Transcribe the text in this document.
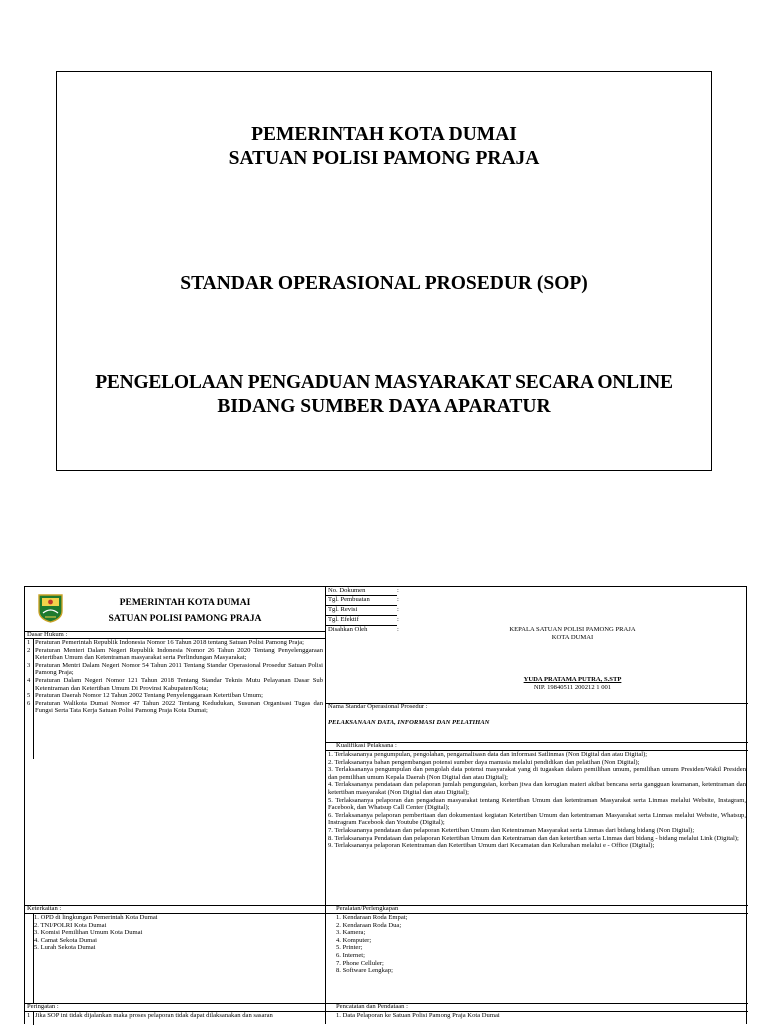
PEMERINTAH KOTA DUMAI
SATUAN POLISI PAMONG PRAJA
STANDAR OPERASIONAL PROSEDUR (SOP)
PENGELOLAAN PENGADUAN MASYARAKAT SECARA ONLINE
BIDANG SUMBER DAYA APARATUR
PEMERINTAH KOTA DUMAI
SATUAN POLISI PAMONG PRAJA
Dasar Hukum :
1 Peraturan Pemerintah Republik Indonesia Nomor 16 Tahun 2018 tentang Satuan Polisi Pamong Praja;
2 Peraturan Menteri Dalam Negeri Republik Indonesia Nomor 26 Tahun 2020 Tentang Penyelenggaraan Ketertiban Umum dan Ketentraman masyarakat serta Perlindungan Masyarakat;
3 Peraturan Mentri Dalam Negeri Nomor 54 Tahun 2011 Tentang Standar Operasional Prosedur Satuan Polisi Pamong Praja;
4 Peraturan Dalam Negeri Nomor 121 Tahun 2018 Tentang Standar Teknis Mutu Pelayanan Dasar Sub Ketentraman dan Ketertiban Umum Di Provinsi Kabupaten/Kota;
5 Peraturan Daerah Nomor 12 Tahun 2002 Tentang Penyelenggaraan Ketertiban Umum;
6 Peraturan Walikota Dumai Nomor 47 Tahun 2022 Tentang Kedudukan, Susunan Organisasi Tugas dan Fungsi Serta Tata Kerja Satuan Polisi Pamong Praja Kota Dumai;
Keterkaitan :
1. OPD di lingkungan Pemerintah Kota Dumai
2. TNI/POLRI Kota Dumai
3. Komisi Pemilihan Umum Kota Dumai
4. Camat Sekota Dumai
5. Lurah Sekota Dumai
Peringatan :
1 Jika SOP ini tidak dijalankan maka proses pelaporan tidak dapat dilaksanakan dan sasaran
No. Dokumen	:
Tgl. Pembuatan	:
Tgl. Revisi	:
Tgl. Efektif	:
Disahkan Oleh	:	KEPALA SATUAN POLISI PAMONG PRAJA
KOTA DUMAI
YUDA PRATAMA PUTRA, S.STP
NIP. 19840511 200212 1 001
Nama Standar Operasional Prosedur :
PELAKSANAAN DATA, INFORMASI DAN PELATIHAN
Kualifikasi Pelaksana :
1. Terlaksananya pengumpulan, pengolahan, pengamalisasn data dan informasi Satlinmas (Non Digital dan atau Digital);
2. Terlaksananya bahan pengembangan potensi sumber daya manusia melalui pendidikan dan pelatihan (Non Digital);
3. Terlaksananya pengumpulan dan pengolah data potensi masyarakat yang di tugaskan dalam pemilihan umum, pemilihan umum Presiden/Wakil Presiden dan pemilihan umum Kepala Daerah (Non Digital dan atau Digital);
4. Terlaksananya pendataan dan pelaporan jumlah pengungsian, korban jiwa dan kerugian materi akibat bencana serta gangguan keamanan, ketentraman dan ketertiban masyarakat (Non Digital dan atau Digital);
5. Terlaksananya pelaporan dan pengaduan masyarakat tentang Ketertiban Umum dan ketentraman Masyarakat serta Linmas melalui Website, Instagram, Facebook, dan Whatsup Call Center (Digital);
6. Terlaksananya pelaporan pemberitaan dan dokumentasi kegiatan Ketertiban Umum dan ketentraman Masyarakat serta Linmas melalui Website, Whatsup, Instragram Facebook dan Youtube (Digital);
7. Terlaksananya pendataan dan pelaporan Ketertiban Umum dan Ketentraman Masyarakat serta Linmas dari bidang bidang (Non Digital);
8. Terlaksananya Pendataan dan pelaporan Ketertiban Umum dan Ketentraman dan dan ketertiban serta Linmas dari bidang - bidang melalui Link (Digital);
9. Terlaksananya pelaporan Ketentraman dan Ketertiban Umum dari Kecamatan dan Kelurahan melalui e - Office (Digital);
Peralatan/Perlengkapan
1. Kendaraan Roda Empat;
2. Kendaraan Roda Dua;
3. Kamera;
4. Komputer;
5. Printer;
6. Internet;
7. Phone Celluler;
8. Software Lengkap;
Pencatatan dan Pendataan :
1. Data Pelaporan ke Satuan Polisi Pamong Praja Kota Dumai
